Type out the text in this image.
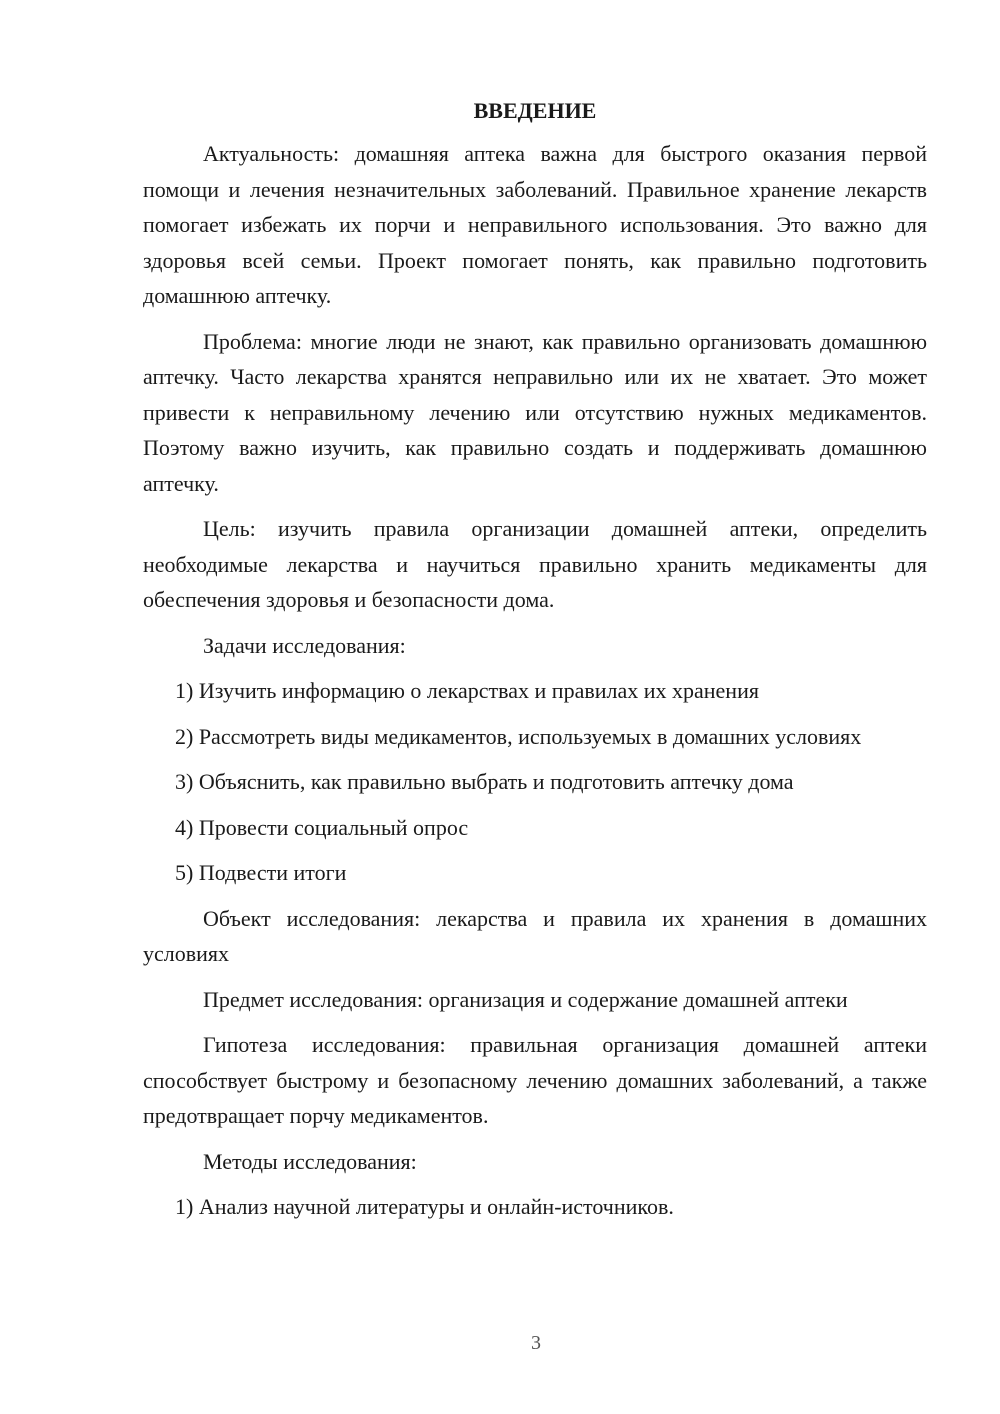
ВВЕДЕНИЕ

Актуальность: домашняя аптека важна для быстрого оказания первой помощи и лечения незначительных заболеваний. Правильное хранение лекарств помогает избежать их порчи и неправильного использования. Это важно для здоровья всей семьи. Проект помогает понять, как правильно подготовить домашнюю аптечку.

Проблема: многие люди не знают, как правильно организовать домашнюю аптечку. Часто лекарства хранятся неправильно или их не хватает. Это может привести к неправильному лечению или отсутствию нужных медикаментов. Поэтому важно изучить, как правильно создать и поддерживать домашнюю аптечку.

Цель: изучить правила организации домашней аптеки, определить необходимые лекарства и научиться правильно хранить медикаменты для обеспечения здоровья и безопасности дома.

Задачи исследования:

1) Изучить информацию о лекарствах и правилах их хранения

2) Рассмотреть виды медикаментов, используемых в домашних условиях

3) Объяснить, как правильно выбрать и подготовить аптечку дома

4) Провести социальный опрос

5) Подвести итоги

Объект исследования: лекарства и правила их хранения в домашних условиях

Предмет исследования: организация и содержание домашней аптеки

Гипотеза исследования: правильная организация домашней аптеки способствует быстрому и безопасному лечению домашних заболеваний, а также предотвращает порчу медикаментов.

Методы исследования:

1) Анализ научной литературы и онлайн-источников.

3
